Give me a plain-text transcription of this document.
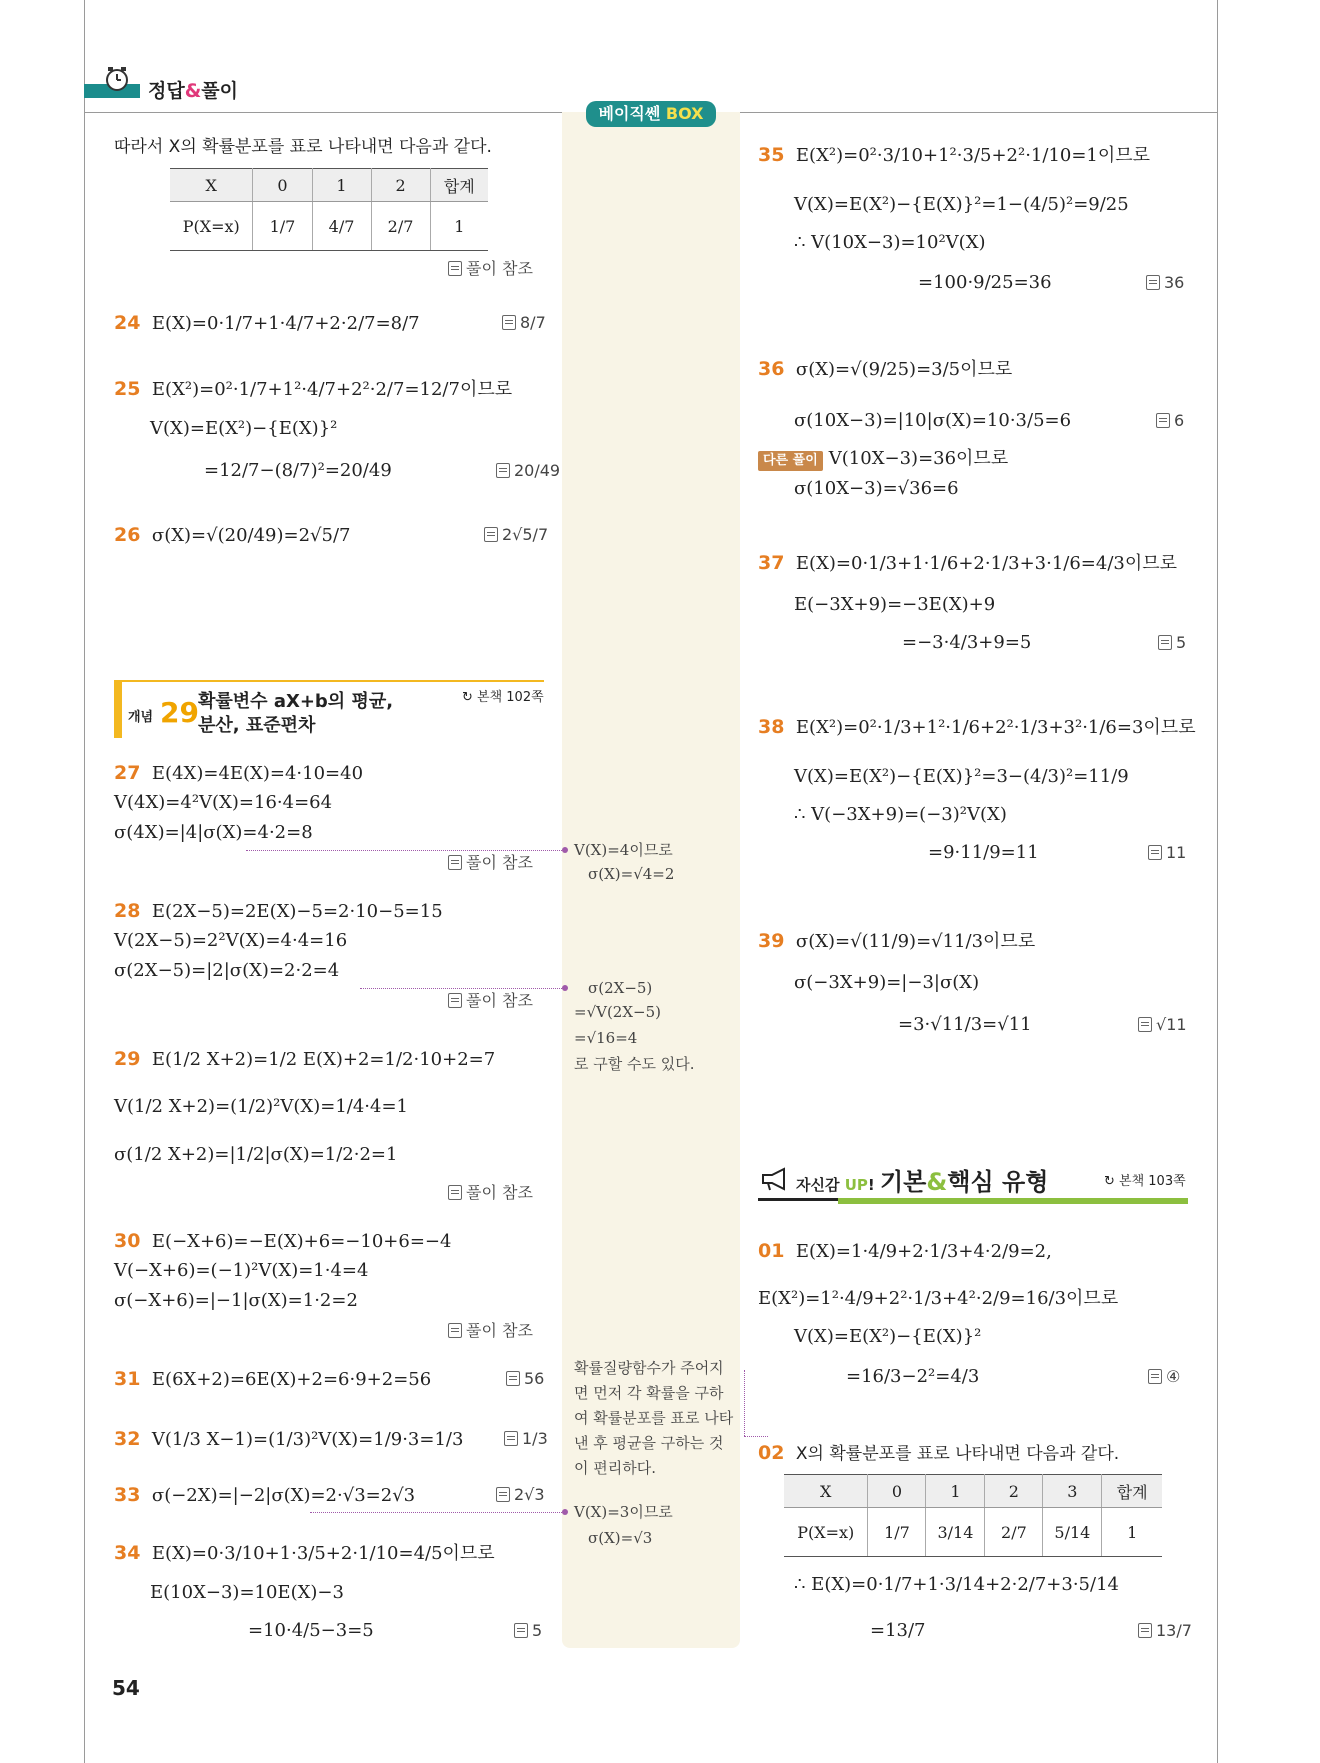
정답&풀이
베이직쎈 BOX
따라서 X의 확률분포를 표로 나타내면 다음과 같다.
X	0	1	2	합계
P(X=x)	1/7	4/7	2/7	1
풀이 참조
24 E(X)=0·1/7+1·4/7+2·2/7=8/7	8/7
25 E(X²)=0²·1/7+1²·4/7+2²·2/7=12/7이므로
V(X)=E(X²)−{E(X)}²
=12/7−(8/7)²=20/49	20/49
26 σ(X)=√(20/49)=2√5/7	2√5/7
개념 29 확률변수 aX+b의 평균,
분산, 표준편차
↻ 본책 102쪽
27 E(4X)=4E(X)=4·10=40
V(4X)=4²V(X)=16·4=64
σ(4X)=|4|σ(X)=4·2=8
풀이 참조
28 E(2X−5)=2E(X)−5=2·10−5=15
V(2X−5)=2²V(X)=4·4=16
σ(2X−5)=|2|σ(X)=2·2=4
풀이 참조
29 E(1/2 X+2)=1/2 E(X)+2=1/2·10+2=7
V(1/2 X+2)=(1/2)²V(X)=1/4·4=1
σ(1/2 X+2)=|1/2|σ(X)=1/2·2=1
풀이 참조
30 E(−X+6)=−E(X)+6=−10+6=−4
V(−X+6)=(−1)²V(X)=1·4=4
σ(−X+6)=|−1|σ(X)=1·2=2
풀이 참조
31 E(6X+2)=6E(X)+2=6·9+2=56	56
32 V(1/3 X−1)=(1/3)²V(X)=1/9·3=1/3	1/3
33 σ(−2X)=|−2|σ(X)=2·√3=2√3	2√3
34 E(X)=0·3/10+1·3/5+2·1/10=4/5이므로
E(10X−3)=10E(X)−3
=10·4/5−3=5	5
V(X)=4이므로
σ(X)=√4=2
σ(2X−5)
=√V(2X−5)
=√16=4
로 구할 수도 있다.
확률질량함수가 주어지
면 먼저 각 확률을 구하
여 확률분포를 표로 나타
낸 후 평균을 구하는 것
이 편리하다.
V(X)=3이므로
σ(X)=√3
35 E(X²)=0²·3/10+1²·3/5+2²·1/10=1이므로
V(X)=E(X²)−{E(X)}²=1−(4/5)²=9/25
∴ V(10X−3)=10²V(X)
=100·9/25=36	36
36 σ(X)=√(9/25)=3/5이므로
σ(10X−3)=|10|σ(X)=10·3/5=6	6
다른 풀이 V(10X−3)=36이므로
σ(10X−3)=√36=6
37 E(X)=0·1/3+1·1/6+2·1/3+3·1/6=4/3이므로
E(−3X+9)=−3E(X)+9
=−3·4/3+9=5	5
38 E(X²)=0²·1/3+1²·1/6+2²·1/3+3²·1/6=3이므로
V(X)=E(X²)−{E(X)}²=3−(4/3)²=11/9
∴ V(−3X+9)=(−3)²V(X)
=9·11/9=11	11
39 σ(X)=√(11/9)=√11/3이므로
σ(−3X+9)=|−3|σ(X)
=3·√11/3=√11	√11
자신감 UP! 기본&핵심 유형	↻ 본책 103쪽
01 E(X)=1·4/9+2·1/3+4·2/9=2,
E(X²)=1²·4/9+2²·1/3+4²·2/9=16/3이므로
V(X)=E(X²)−{E(X)}²
=16/3−2²=4/3	④
02 X의 확률분포를 표로 나타내면 다음과 같다.
X	0	1	2	3	합계
P(X=x)	1/7	3/14	2/7	5/14	1
∴ E(X)=0·1/7+1·3/14+2·2/7+3·5/14
=13/7	13/7
54
